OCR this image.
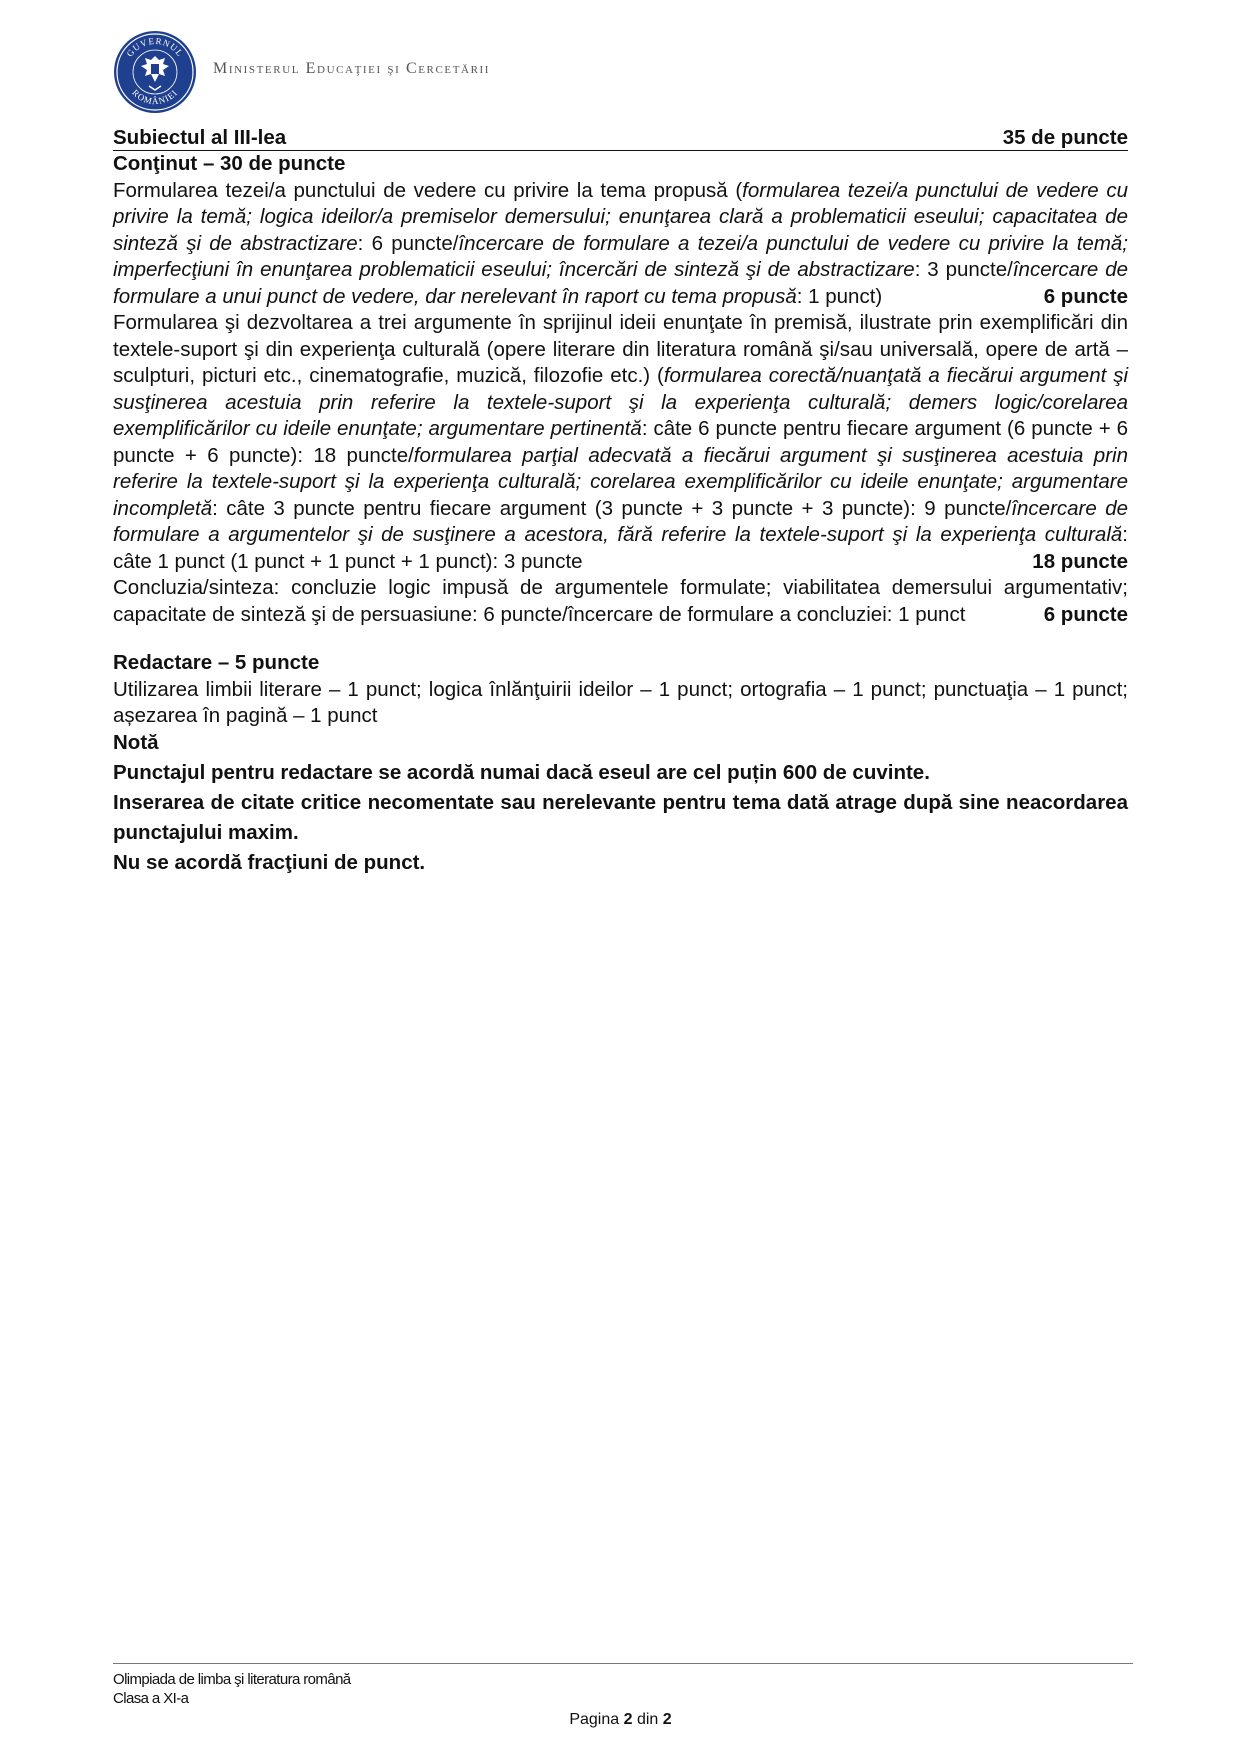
GUVERNUL
ROMÂNIEI
Ministerul Educaţiei şi Cercetării
Subiectul al III-lea	35 de puncte
Conţinut – 30 de puncte

Formularea tezei/a punctului de vedere cu privire la tema propusă (formularea tezei/a punctului de vedere cu privire la temă; logica ideilor/a premiselor demersului; enunţarea clară a problematicii eseului; capacitatea de sinteză şi de abstractizare: 6 puncte/încercare de formulare a tezei/a punctului de vedere cu privire la temă; imperfecţiuni în enunţarea problematicii eseului; încercări de sinteză şi de abstractizare: 3 puncte/încercare de formulare a unui punct de vedere, dar nerelevant în raport cu tema propusă: 1 punct)	6 puncte

Formularea şi dezvoltarea a trei argumente în sprijinul ideii enunţate în premisă, ilustrate prin exemplificări din textele-suport şi din experienţa culturală (opere literare din literatura română şi/sau universală, opere de artă – sculpturi, picturi etc., cinematografie, muzică, filozofie etc.) (formularea corectă/nuanţată a fiecărui argument şi susţinerea acestuia prin referire la textele-suport şi la experienţa culturală; demers logic/corelarea exemplificărilor cu ideile enunţate; argumentare pertinentă: câte 6 puncte pentru fiecare argument (6 puncte + 6 puncte + 6 puncte): 18 puncte/formularea parţial adecvată a fiecărui argument şi susţinerea acestuia prin referire la textele-suport şi la experienţa culturală; corelarea exemplificărilor cu ideile enunţate; argumentare incompletă: câte 3 puncte pentru fiecare argument (3 puncte + 3 puncte + 3 puncte): 9 puncte/încercare de formulare a argumentelor şi de susţinere a acestora, fără referire la textele-suport şi la experienţa culturală: câte 1 punct (1 punct + 1 punct + 1 punct): 3 puncte	18 puncte

Concluzia/sinteza: concluzie logic impusă de argumentele formulate; viabilitatea demersului argumentativ; capacitate de sinteză şi de persuasiune: 6 puncte/încercare de formulare a concluziei: 1 punct	6 puncte

Redactare – 5 puncte

Utilizarea limbii literare – 1 punct; logica înlănţuirii ideilor – 1 punct; ortografia – 1 punct; punctuaţia – 1 punct; așezarea în pagină – 1 punct

Notă
Punctajul pentru redactare se acordă numai dacă eseul are cel puțin 600 de cuvinte.
Inserarea de citate critice necomentate sau nerelevante pentru tema dată atrage după sine neacordarea punctajului maxim.
Nu se acordă fracţiuni de punct.
Olimpiada de limba şi literatura română
Clasa a XI-a
Pagina 2 din 2
